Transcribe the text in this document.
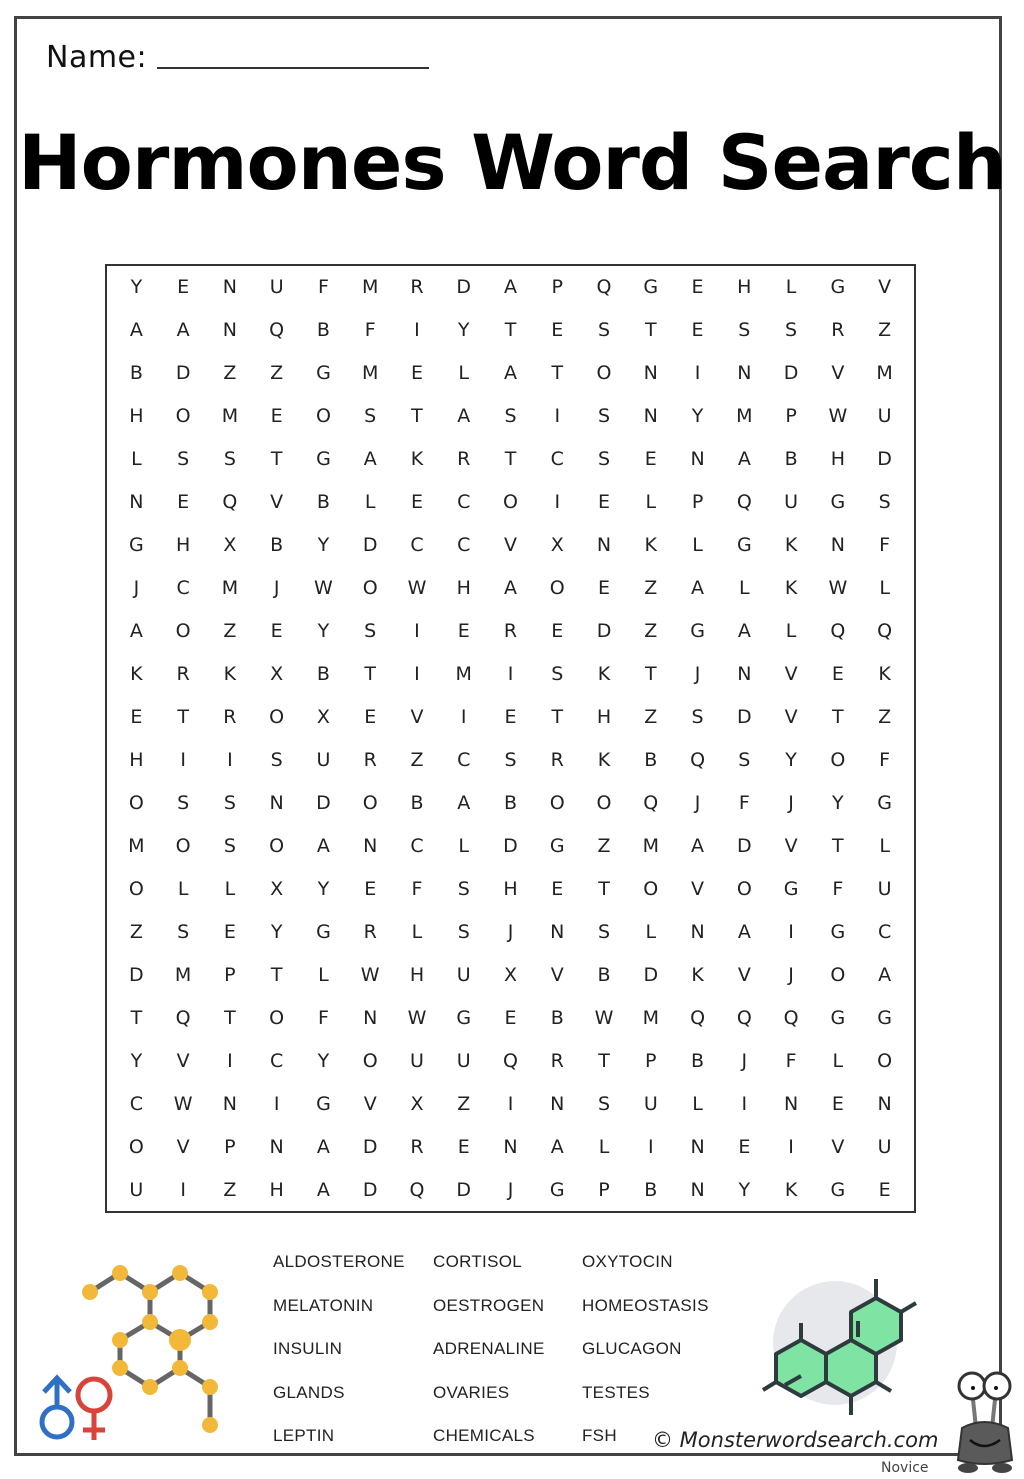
Name:
Hormones Word Search
Y	E	N	U	F	M	R	D	A	P	Q	G	E	H	L	G	V
A	A	N	Q	B	F	I	Y	T	E	S	T	E	S	S	R	Z
B	D	Z	Z	G	M	E	L	A	T	O	N	I	N	D	V	M
H	O	M	E	O	S	T	A	S	I	S	N	Y	M	P	W	U
L	S	S	T	G	A	K	R	T	C	S	E	N	A	B	H	D
N	E	Q	V	B	L	E	C	O	I	E	L	P	Q	U	G	S
G	H	X	B	Y	D	C	C	V	X	N	K	L	G	K	N	F
J	C	M	J	W	O	W	H	A	O	E	Z	A	L	K	W	L
A	O	Z	E	Y	S	I	E	R	E	D	Z	G	A	L	Q	Q
K	R	K	X	B	T	I	M	I	S	K	T	J	N	V	E	K
E	T	R	O	X	E	V	I	E	T	H	Z	S	D	V	T	Z
H	I	I	S	U	R	Z	C	S	R	K	B	Q	S	Y	O	F
O	S	S	N	D	O	B	A	B	O	O	Q	J	F	J	Y	G
M	O	S	O	A	N	C	L	D	G	Z	M	A	D	V	T	L
O	L	L	X	Y	E	F	S	H	E	T	O	V	O	G	F	U
Z	S	E	Y	G	R	L	S	J	N	S	L	N	A	I	G	C
D	M	P	T	L	W	H	U	X	V	B	D	K	V	J	O	A
T	Q	T	O	F	N	W	G	E	B	W	M	Q	Q	Q	G	G
Y	V	I	C	Y	O	U	U	Q	R	T	P	B	J	F	L	O
C	W	N	I	G	V	X	Z	I	N	S	U	L	I	N	E	N
O	V	P	N	A	D	R	E	N	A	L	I	N	E	I	V	U
U	I	Z	H	A	D	Q	D	J	G	P	B	N	Y	K	G	E
ALDOSTERONE	CORTISOL	OXYTOCIN
MELATONIN	OESTROGEN	HOMEOSTASIS
INSULIN	ADRENALINE	GLUCAGON
GLANDS	OVARIES	TESTES
LEPTIN	CHEMICALS	FSH	© Monsterwordsearch.com
Novice
